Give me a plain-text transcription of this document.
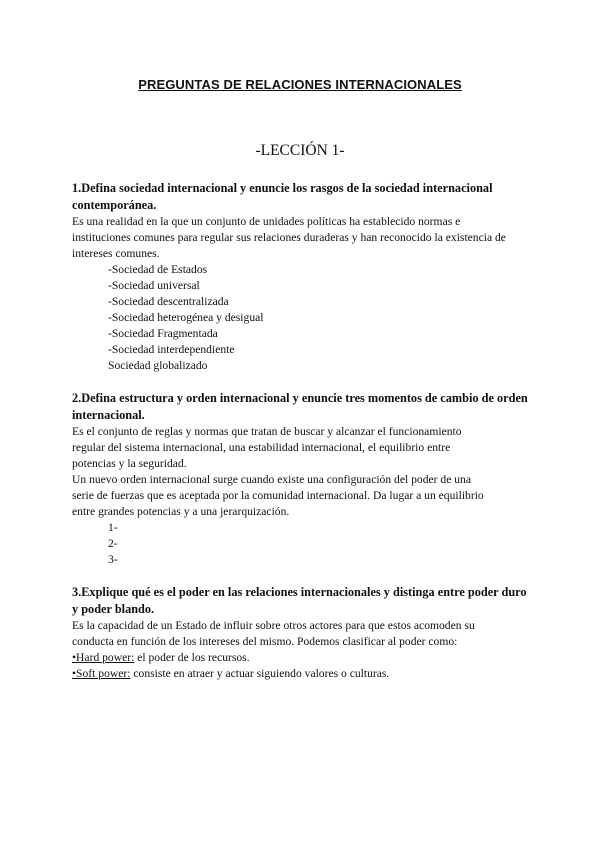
PREGUNTAS DE RELACIONES INTERNACIONALES
-LECCIÓN 1-
1.Defina sociedad internacional y enuncie los rasgos de la sociedad internacional contemporánea.
Es una realidad en la que un conjunto de unidades políticas ha establecido normas e
instituciones comunes para regular sus relaciones duraderas y han reconocido la existencia de
intereses comunes.
-Sociedad de Estados
-Sociedad universal
-Sociedad descentralizada
-Sociedad heterogénea y desigual
-Sociedad Fragmentada
-Sociedad interdependiente
Sociedad globalizado
2.Defina estructura y orden internacional y enuncie tres momentos de cambio de orden internacional.
Es el conjunto de reglas y normas que tratan de buscar y alcanzar el funcionamiento
regular del sistema internacional, una estabilidad internacional, el equilibrio entre
potencias y la seguridad.
Un nuevo orden internacional surge cuando existe una configuración del poder de una
serie de fuerzas que es aceptada por la comunidad internacional. Da lugar a un equilibrio
entre grandes potencias y a una jerarquización.
1-
2-
3-
3.Explique qué es el poder en las relaciones internacionales y distinga entre poder duro y poder blando.
Es la capacidad de un Estado de influir sobre otros actores para que estos acomoden su
conducta en función de los intereses del mismo. Podemos clasificar al poder como:
•Hard power: el poder de los recursos.
•Soft power: consiste en atraer y actuar siguiendo valores o culturas.
